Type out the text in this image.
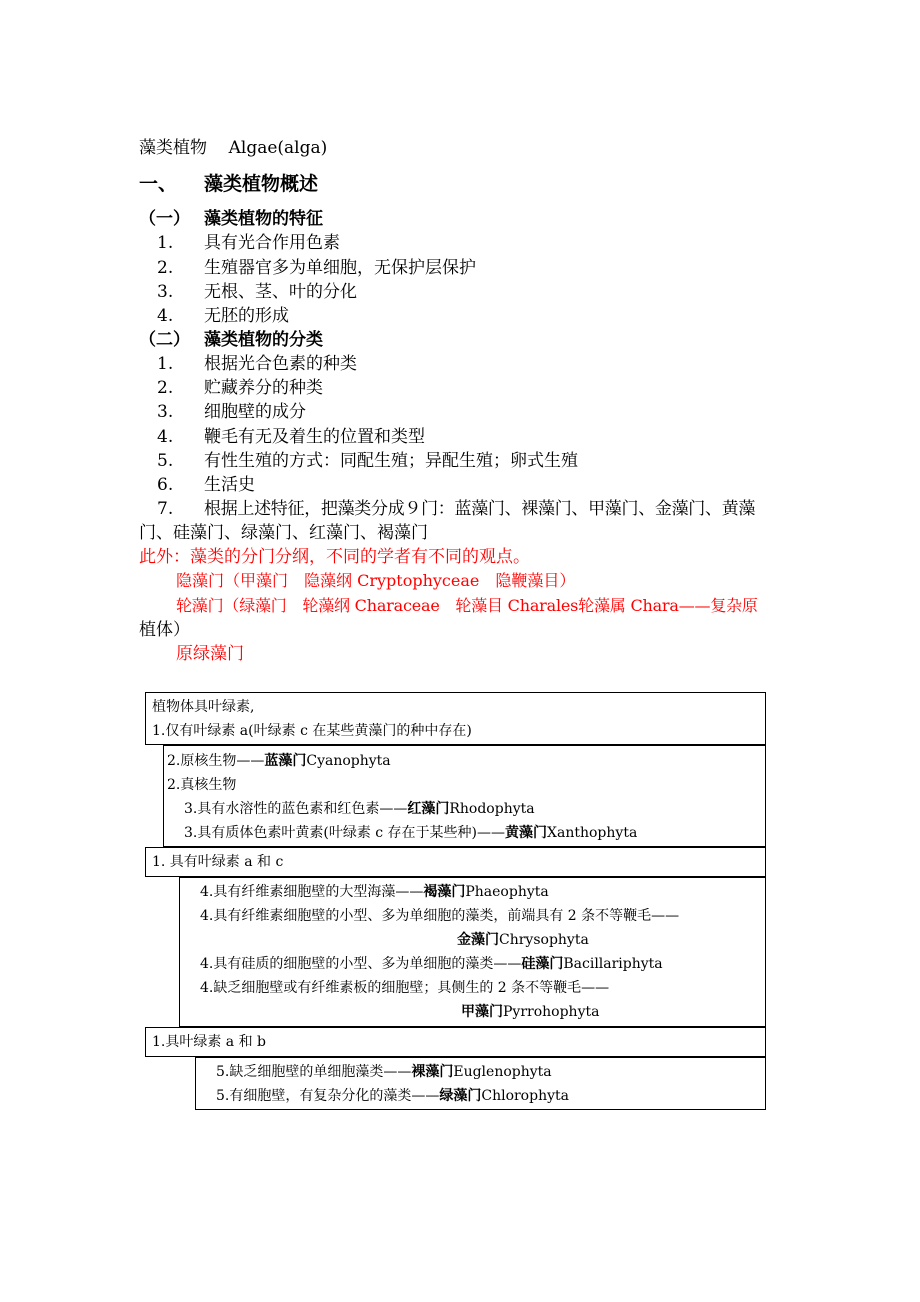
藻类植物 Algae(alga)
一、 藻类植物概述
（一） 藻类植物的特征
1. 具有光合作用色素
2. 生殖器官多为单细胞，无保护层保护
3. 无根、茎、叶的分化
4. 无胚的形成
（二） 藻类植物的分类
1. 根据光合色素的种类
2. 贮藏养分的种类
3. 细胞壁的成分
4. 鞭毛有无及着生的位置和类型
5. 有性生殖的方式：同配生殖；异配生殖；卵式生殖
6. 生活史
7. 根据上述特征，把藻类分成９门：蓝藻门、裸藻门、甲藻门、金藻门、黄藻
门、硅藻门、绿藻门、红藻门、褐藻门
此外：藻类的分门分纲，不同的学者有不同的观点。
隐藻门（甲藻门　隐藻纲 Cryptophyceae　隐鞭藻目）
轮藻门（绿藻门　轮藻纲 Characeae　轮藻目 Charales轮藻属 Chara——复杂原
植体）
原绿藻门
植物体具叶绿素,
1.仅有叶绿素 a(叶绿素 c 在某些黄藻门的种中存在)
2.原核生物——蓝藻门Cyanophyta
2.真核生物
3.具有水溶性的蓝色素和红色素——红藻门Rhodophyta
3.具有质体色素叶黄素(叶绿素 c 存在于某些种)——黄藻门Xanthophyta
1. 具有叶绿素 a 和 c
4.具有纤维素细胞壁的大型海藻——褐藻门Phaeophyta
4.具有纤维素细胞壁的小型、多为单细胞的藻类，前端具有 2 条不等鞭毛——
金藻门Chrysophyta
4.具有硅质的细胞壁的小型、多为单细胞的藻类——硅藻门Bacillariphyta
4.缺乏细胞壁或有纤维素板的细胞壁；具侧生的 2 条不等鞭毛——
甲藻门Pyrrohophyta
1.具叶绿素 a 和 b
5.缺乏细胞壁的单细胞藻类——裸藻门Euglenophyta
5.有细胞壁，有复杂分化的藻类——绿藻门Chlorophyta
